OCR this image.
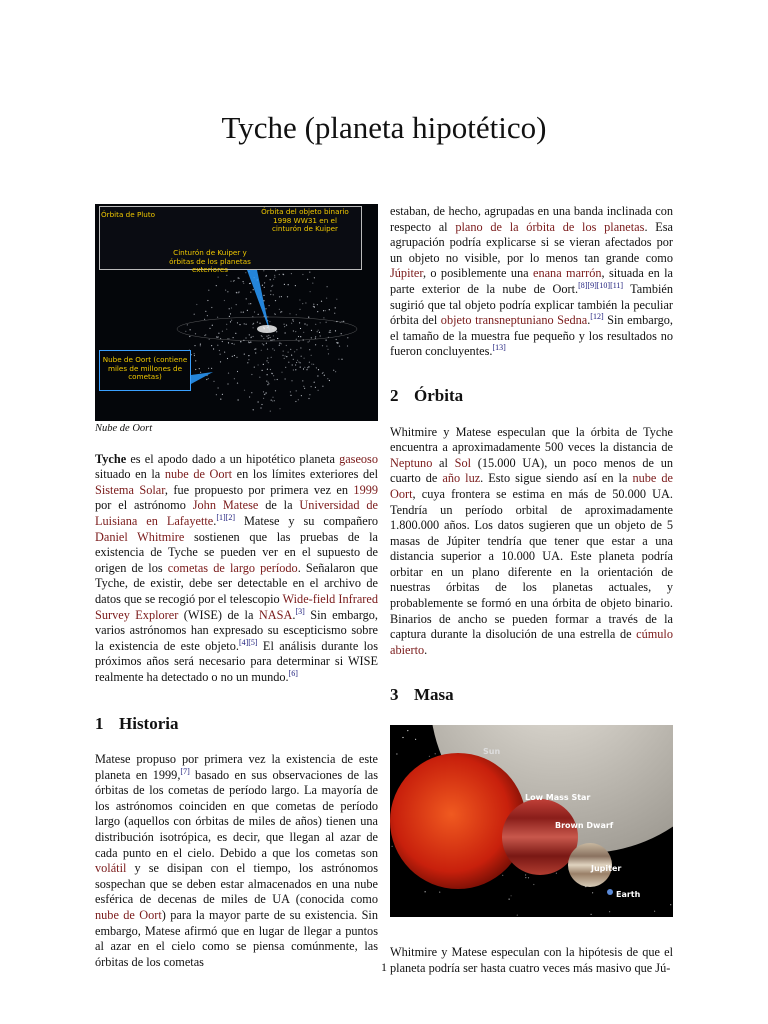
Tyche (planeta hipotético)
Órbita de Pluto	Órbita del objeto binario 1998 WW31 en el cinturón de Kuiper
Cinturón de Kuiper y órbitas de los planetas exteriores
Nube de Oort (contiene miles de millones de cometas)

Nube de Oort

Tyche es el apodo dado a un hipotético planeta gaseoso situado en la nube de Oort en los límites exteriores del Sistema Solar, fue propuesto por primera vez en 1999 por el astrónomo John Matese de la Universidad de Luisiana en Lafayette.[1][2] Matese y su compañero Daniel Whitmire sostienen que las pruebas de la existencia de Tyche se pueden ver en el supuesto de origen de los cometas de largo período. Señalaron que Tyche, de existir, debe ser detectable en el archivo de datos que se recogió por el telescopio Wide-field Infrared Survey Explorer (WISE) de la NASA.[3] Sin embargo, varios astrónomos han expresado su escepticismo sobre la existencia de este objeto.[4][5] El análisis durante los próximos años será necesario para determinar si WISE realmente ha detectado o no un mundo.[6]

1 Historia

Matese propuso por primera vez la existencia de este planeta en 1999,[7] basado en sus observaciones de las órbitas de los cometas de período largo. La mayoría de los astrónomos coinciden en que cometas de período largo (aquellos con órbitas de miles de años) tienen una distribución isotrópica, es decir, que llegan al azar de cada punto en el cielo. Debido a que los cometas son volátil y se disipan con el tiempo, los astrónomos sospechan que se deben estar almacenados en una nube esférica de decenas de miles de UA (conocida como nube de Oort) para la mayor parte de su existencia. Sin embargo, Matese afirmó que en lugar de llegar a puntos al azar en el cielo como se piensa comúnmente, las órbitas de los cometas

estaban, de hecho, agrupadas en una banda inclinada con respecto al plano de la órbita de los planetas. Esa agrupación podría explicarse si se vieran afectados por un objeto no visible, por lo menos tan grande como Júpiter, o posiblemente una enana marrón, situada en la parte exterior de la nube de Oort.[8][9][10][11] También sugirió que tal objeto podría explicar también la peculiar órbita del objeto transneptuniano Sedna.[12] Sin embargo, el tamaño de la muestra fue pequeño y los resultados no fueron concluyentes.[13]

2 Órbita

Whitmire y Matese especulan que la órbita de Tyche encuentra a aproximadamente 500 veces la distancia de Neptuno al Sol (15.000 UA), un poco menos de un cuarto de año luz. Esto sigue siendo así en la nube de Oort, cuya frontera se estima en más de 50.000 UA. Tendría un período orbital de aproximadamente 1.800.000 años. Los datos sugieren que un objeto de 5 masas de Júpiter tendría que tener que estar a una distancia superior a 10.000 UA. Este planeta podría orbitar en un plano diferente en la orientación de nuestras órbitas de los planetas actuales, y probablemente se formó en una órbita de objeto binario. Binarios de ancho se pueden formar a través de la captura durante la disolución de una estrella de cúmulo abierto.

3 Masa
Sun
Low Mass Star
Brown Dwarf
Jupiter
Earth

Whitmire y Matese especulan con la hipótesis de que el planeta podría ser hasta cuatro veces más masivo que Jú-

1
